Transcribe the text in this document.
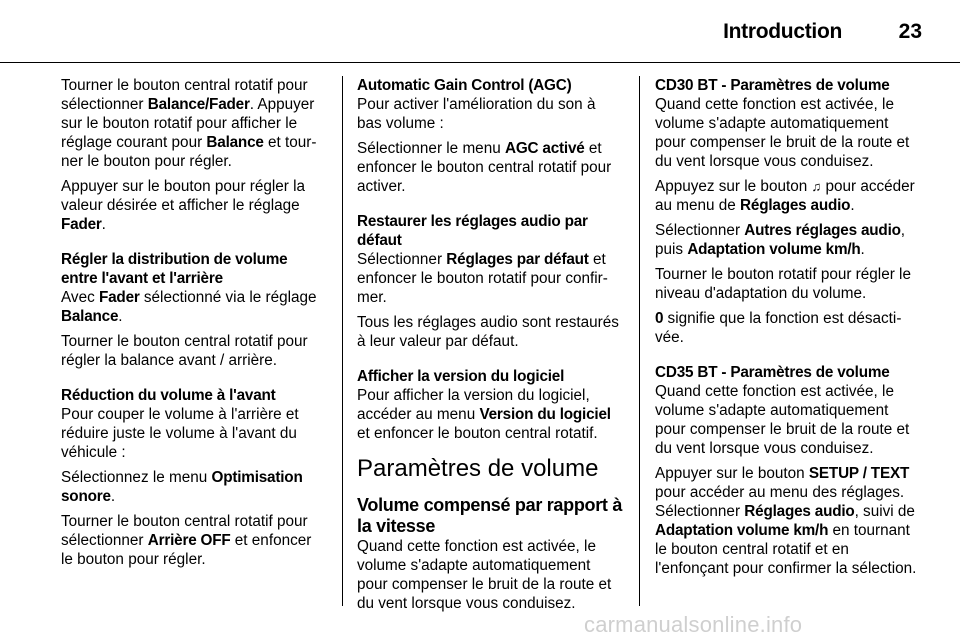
Introduction	23

Tourner le bouton central rotatif pour sélectionner Balance/Fader. Appuyer sur le bouton rotatif pour afficher le réglage courant pour Balance et tourner le bouton pour régler.

Appuyer sur le bouton pour régler la valeur désirée et afficher le réglage Fader.

Régler la distribution de volume entre l'avant et l'arrière

Avec Fader sélectionné via le réglage Balance.

Tourner le bouton central rotatif pour régler la balance avant / arrière.

Réduction du volume à l'avant

Pour couper le volume à l'arrière et réduire juste le volume à l'avant du véhicule :

Sélectionnez le menu Optimisation sonore.

Tourner le bouton central rotatif pour sélectionner Arrière OFF et enfoncer le bouton pour régler.

Automatic Gain Control (AGC)

Pour activer l'amélioration du son à bas volume :

Sélectionner le menu AGC activé et enfoncer le bouton central rotatif pour activer.

Restaurer les réglages audio par défaut

Sélectionner Réglages par défaut et enfoncer le bouton rotatif pour confirmer.

Tous les réglages audio sont restaurés à leur valeur par défaut.

Afficher la version du logiciel

Pour afficher la version du logiciel, accéder au menu Version du logiciel et enfoncer le bouton central rotatif.

Paramètres de volume

Volume compensé par rapport à la vitesse

Quand cette fonction est activée, le volume s'adapte automatiquement pour compenser le bruit de la route et du vent lorsque vous conduisez.

CD30 BT - Paramètres de volume

Quand cette fonction est activée, le volume s'adapte automatiquement pour compenser le bruit de la route et du vent lorsque vous conduisez.

Appuyez sur le bouton ♫ pour accéder au menu de Réglages audio.

Sélectionner Autres réglages audio, puis Adaptation volume km/h.

Tourner le bouton rotatif pour régler le niveau d'adaptation du volume.

0 signifie que la fonction est désactivée.

CD35 BT - Paramètres de volume

Quand cette fonction est activée, le volume s'adapte automatiquement pour compenser le bruit de la route et du vent lorsque vous conduisez.

Appuyer sur le bouton SETUP / TEXT pour accéder au menu des réglages. Sélectionner Réglages audio, suivi de Adaptation volume km/h en tournant le bouton central rotatif et en l'enfonçant pour confirmer la sélection.

carmanualsonline.info
